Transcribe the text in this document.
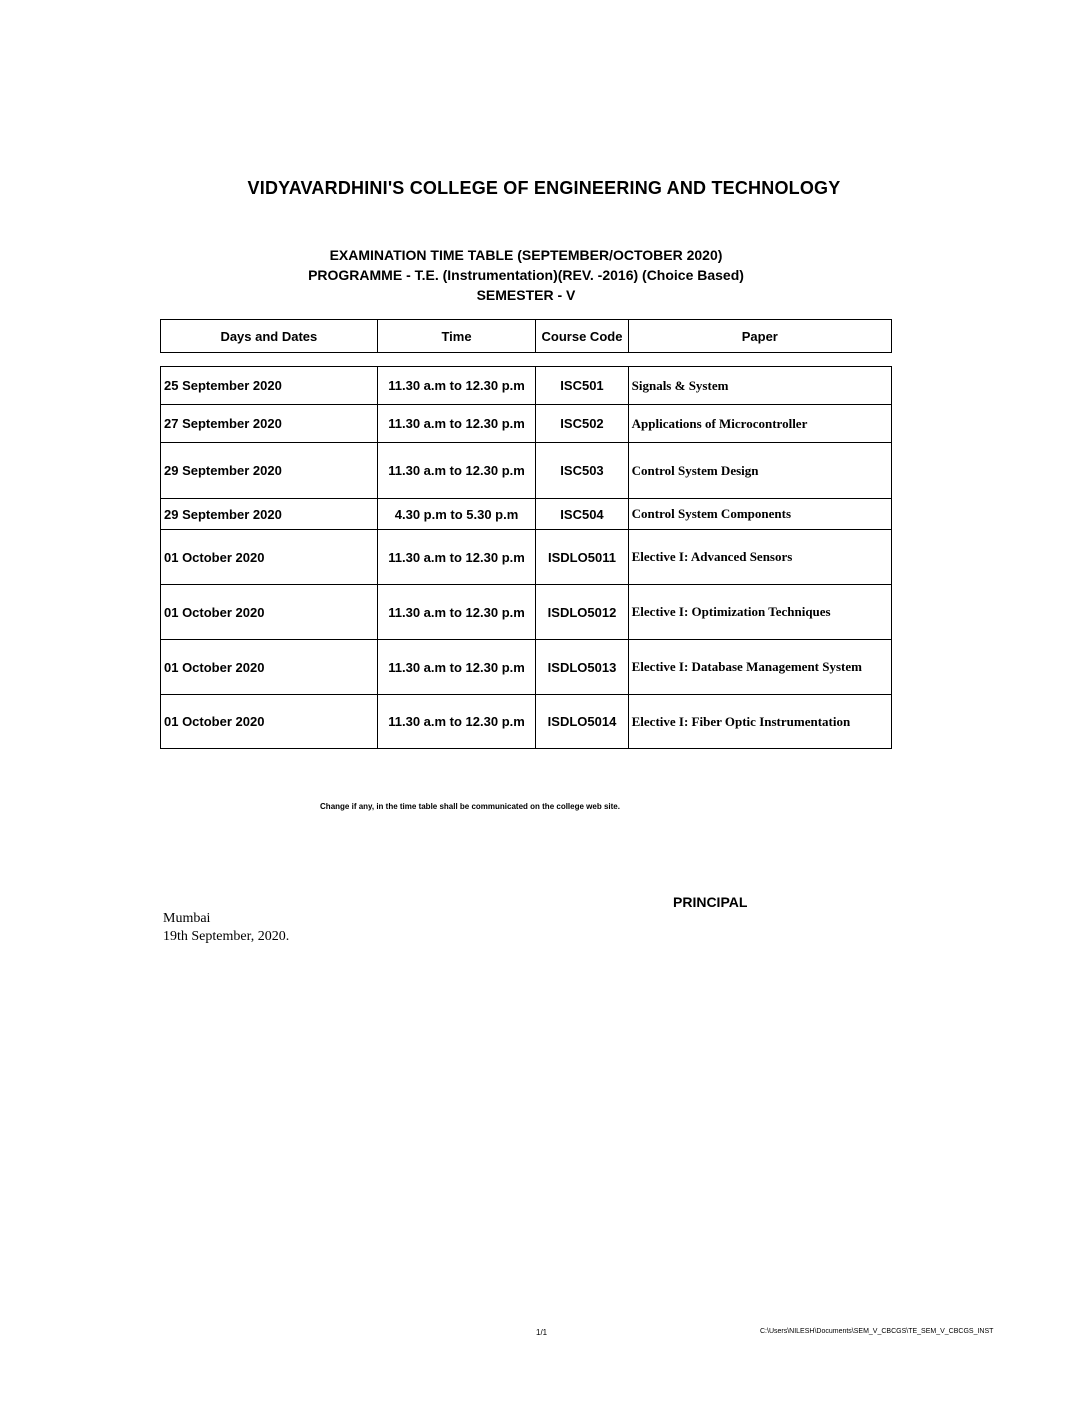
VIDYAVARDHINI'S COLLEGE OF ENGINEERING AND TECHNOLOGY
EXAMINATION TIME TABLE (SEPTEMBER/OCTOBER 2020)
PROGRAMME - T.E. (Instrumentation)(REV. -2016) (Choice Based)
SEMESTER - V
Days and Dates	Time	Course Code	Paper
25 September 2020	11.30 a.m to 12.30 p.m	ISC501	Signals & System
27 September 2020	11.30 a.m to 12.30 p.m	ISC502	Applications of Microcontroller
29 September 2020	11.30 a.m to 12.30 p.m	ISC503	Control System Design
29 September 2020	4.30 p.m to 5.30 p.m	ISC504	Control System Components
01 October 2020	11.30 a.m to 12.30 p.m	ISDLO5011	Elective I: Advanced Sensors
01 October 2020	11.30 a.m to 12.30 p.m	ISDLO5012	Elective I: Optimization Techniques
01 October 2020	11.30 a.m to 12.30 p.m	ISDLO5013	Elective I: Database Management System
01 October 2020	11.30 a.m to 12.30 p.m	ISDLO5014	Elective I: Fiber Optic Instrumentation
Change if any, in the time table shall be communicated on the college web site.
PRINCIPAL
Mumbai
19th September, 2020.
1/1	C:\Users\NILESH\Documents\SEM_V_CBCGS\TE_SEM_V_CBCGS_INST
